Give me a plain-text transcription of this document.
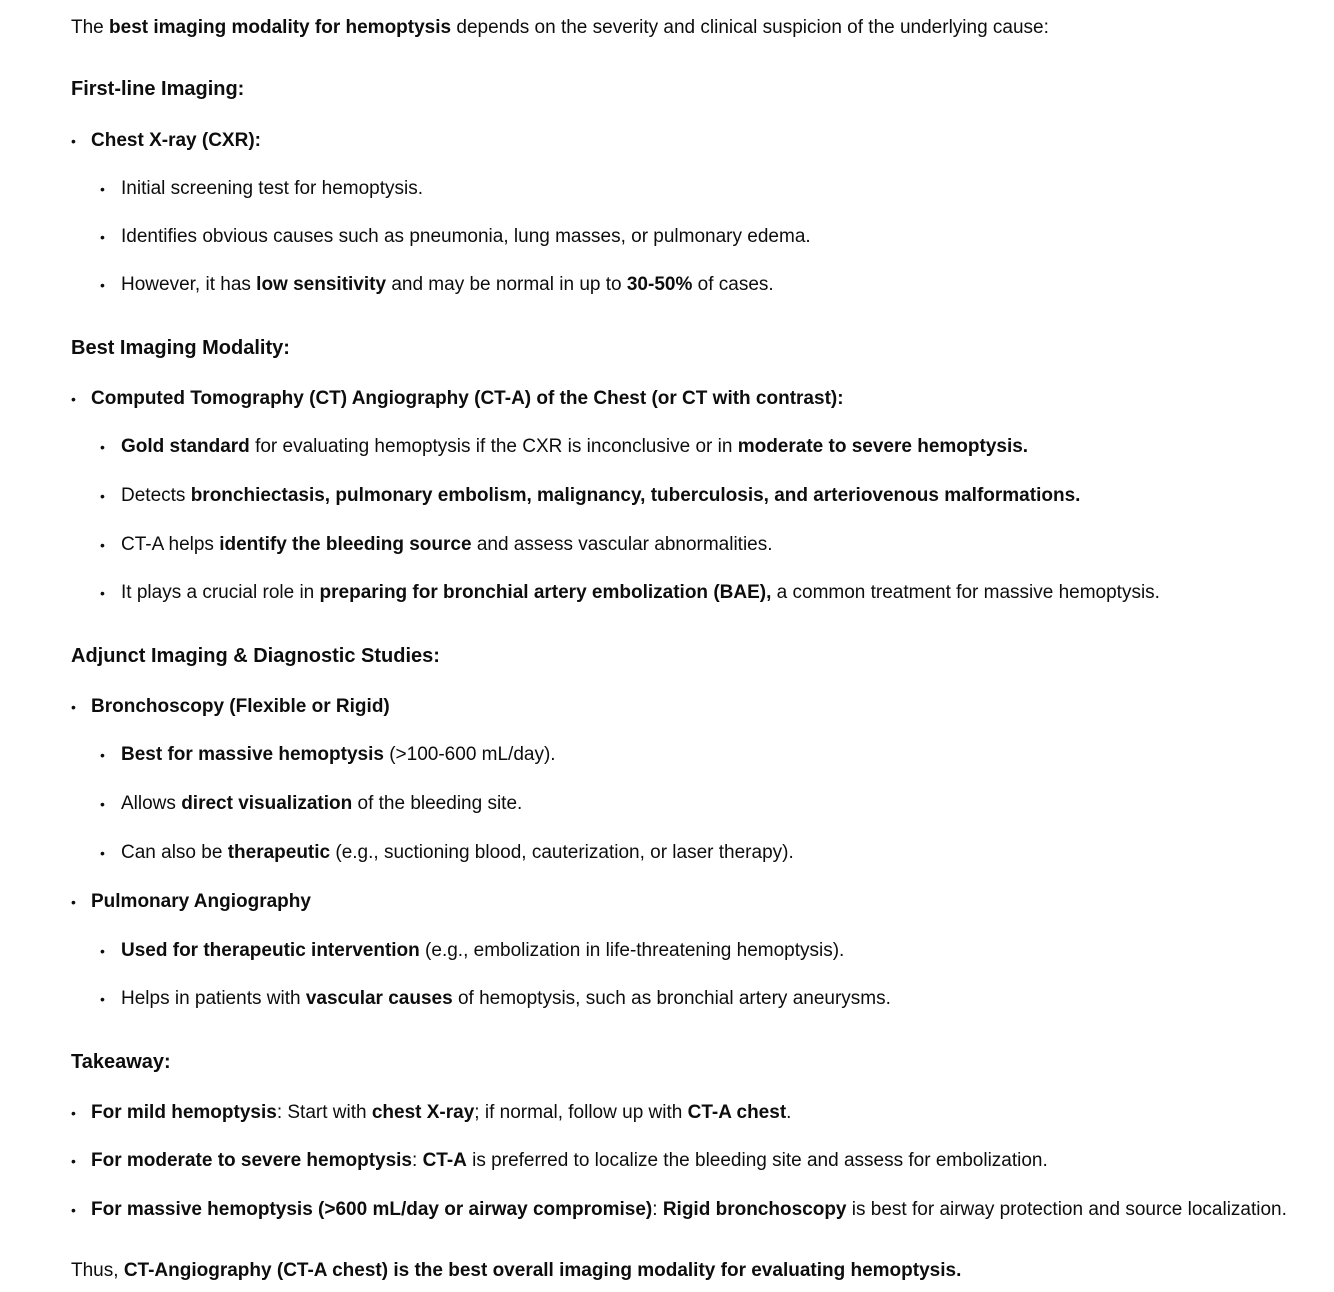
The best imaging modality for hemoptysis depends on the severity and clinical suspicion of the underlying cause:
First-line Imaging:
• Chest X-ray (CXR):
• Initial screening test for hemoptysis.
• Identifies obvious causes such as pneumonia, lung masses, or pulmonary edema.
• However, it has low sensitivity and may be normal in up to 30-50% of cases.
Best Imaging Modality:
• Computed Tomography (CT) Angiography (CT-A) of the Chest (or CT with contrast):
• Gold standard for evaluating hemoptysis if the CXR is inconclusive or in moderate to severe hemoptysis.
• Detects bronchiectasis, pulmonary embolism, malignancy, tuberculosis, and arteriovenous malformations.
• CT-A helps identify the bleeding source and assess vascular abnormalities.
• It plays a crucial role in preparing for bronchial artery embolization (BAE), a common treatment for massive hemoptysis.
Adjunct Imaging & Diagnostic Studies:
• Bronchoscopy (Flexible or Rigid)
• Best for massive hemoptysis (>100-600 mL/day).
• Allows direct visualization of the bleeding site.
• Can also be therapeutic (e.g., suctioning blood, cauterization, or laser therapy).
• Pulmonary Angiography
• Used for therapeutic intervention (e.g., embolization in life-threatening hemoptysis).
• Helps in patients with vascular causes of hemoptysis, such as bronchial artery aneurysms.
Takeaway:
• For mild hemoptysis: Start with chest X-ray; if normal, follow up with CT-A chest.
• For moderate to severe hemoptysis: CT-A is preferred to localize the bleeding site and assess for embolization.
• For massive hemoptysis (>600 mL/day or airway compromise): Rigid bronchoscopy is best for airway protection and source localization.
Thus, CT-Angiography (CT-A chest) is the best overall imaging modality for evaluating hemoptysis.
